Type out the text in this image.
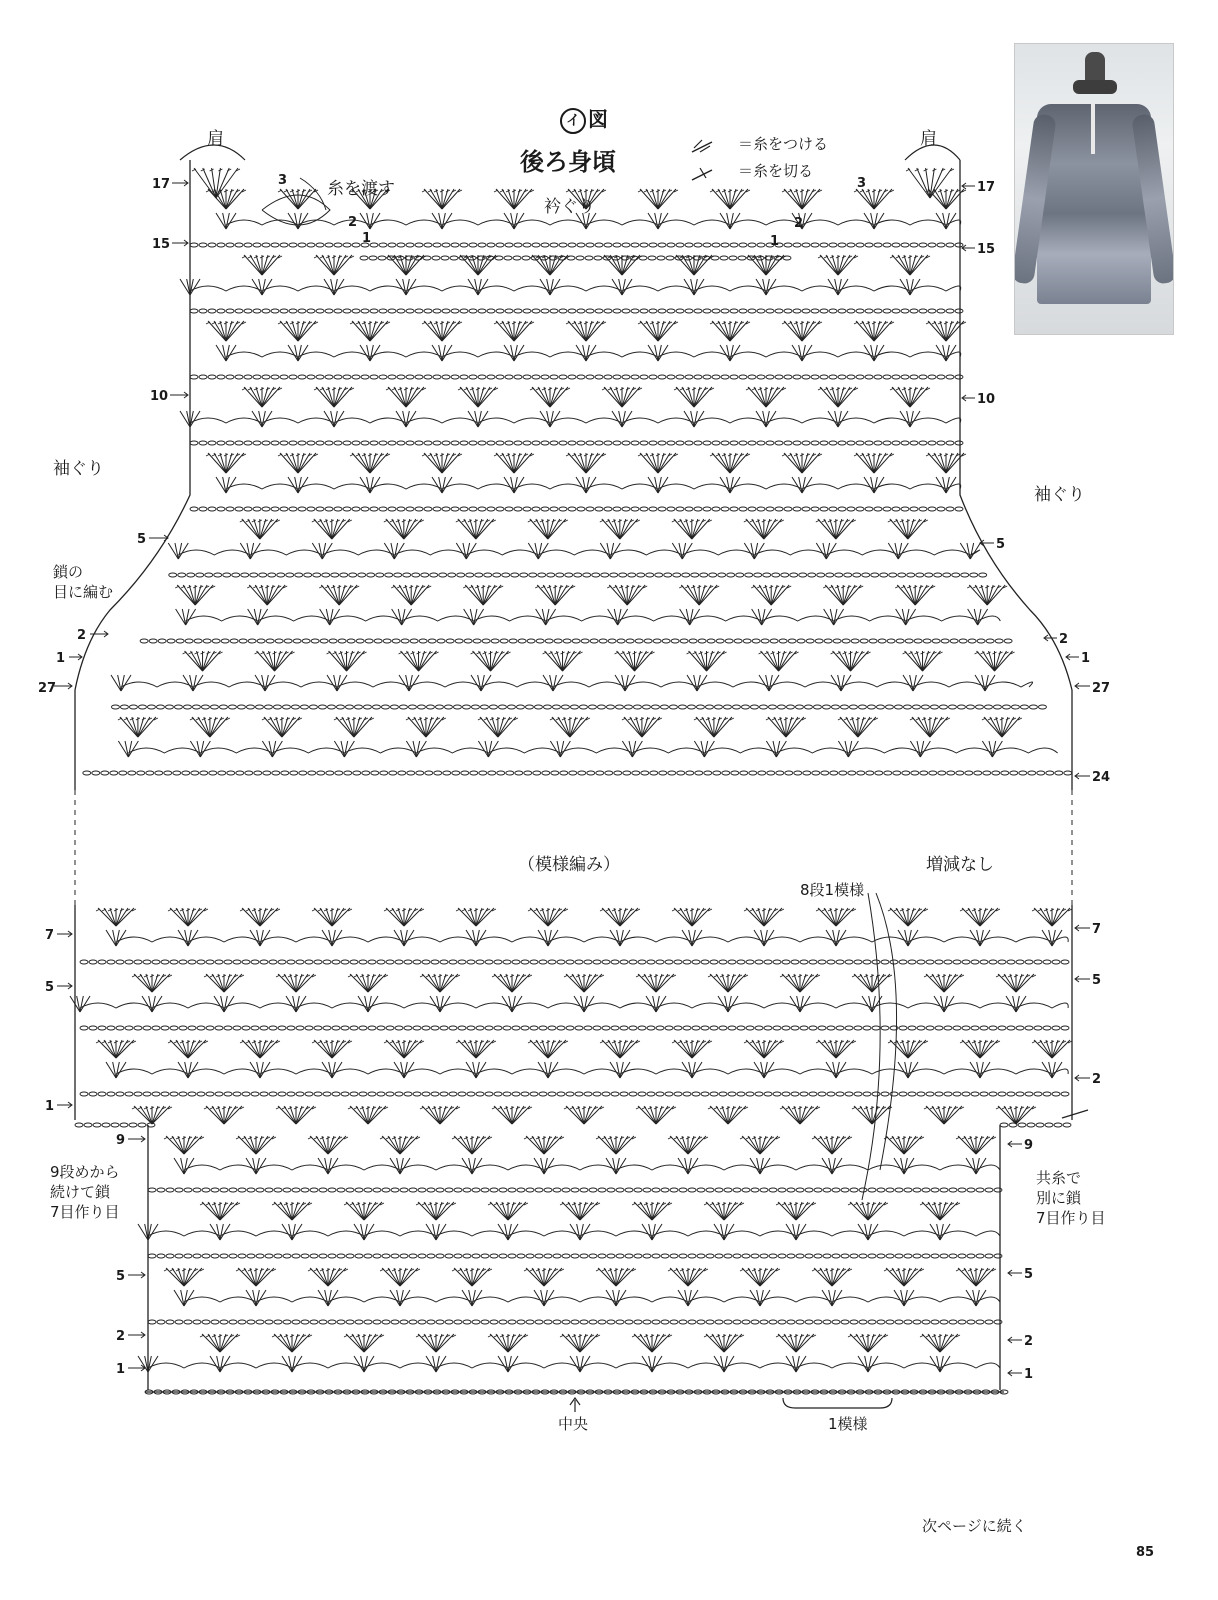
イ 図
後ろ身頃
＝糸をつける
＝糸を切る
肩	肩
衿ぐり
糸を渡す
袖ぐり
袖ぐり
鎖の
目に編む
（模様編み）	増減なし
8段1模様
9段めから
続けて鎖
7目作り目
共糸で
別に鎖
7目作り目
中央	1模様
次ページに続く
85
17
15
10
5
2
1
27
17
15
10
5
2
1
27
24
3
2
1
3
2
1
7
5
1
9
7
5
2
9
5
2
1
5
2
1
